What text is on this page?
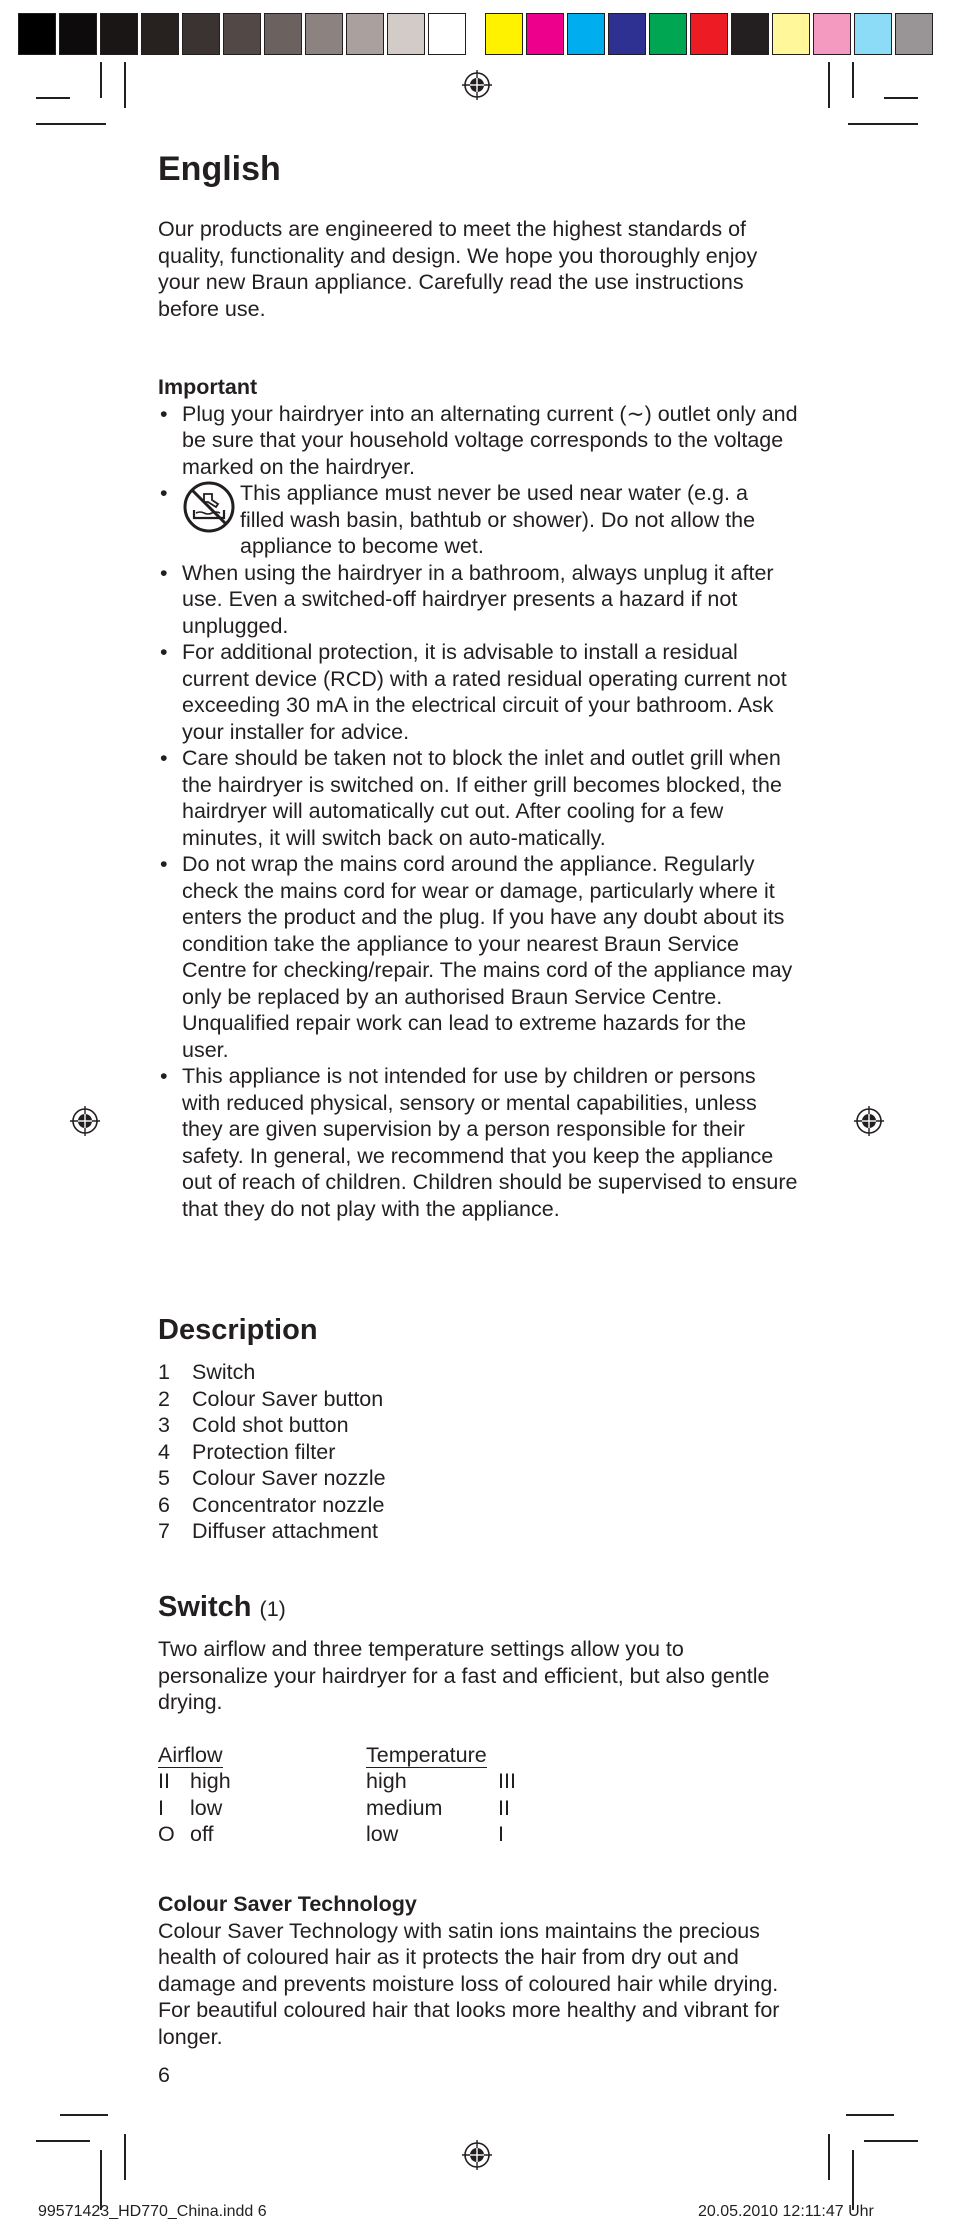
English

Our products are engineered to meet the highest standards of quality, functionality and design. We hope you thoroughly enjoy your new Braun appliance. Carefully read the use instructions before use.

Important

• Plug your hairdryer into an alternating current (∼) outlet only and be sure that your household voltage corresponds to the voltage marked on the hairdryer.
•	This appliance must never be used near water (e.g. a filled wash basin, bathtub or shower). Do not allow the appliance to become wet.
• When using the hairdryer in a bathroom, always unplug it after use. Even a switched-off hairdryer presents a hazard if not unplugged.
• For additional protection, it is advisable to install a residual current device (RCD) with a rated residual operating current not exceeding 30 mA in the electrical circuit of your bathroom. Ask your installer for advice.
• Care should be taken not to block the inlet and outlet grill when the hairdryer is switched on. If either grill becomes blocked, the hairdryer will automatically cut out. After cooling for a few minutes, it will switch back on auto-matically.
• Do not wrap the mains cord around the appliance. Regularly check the mains cord for wear or damage, particularly where it enters the product and the plug. If you have any doubt about its condition take the appliance to your nearest Braun Service Centre for checking/repair. The mains cord of the appliance may only be replaced by an authorised Braun Service Centre. Unqualified repair work can lead to extreme hazards for the user.
• This appliance is not intended for use by children or persons with reduced physical, sensory or mental capabilities, unless they are given supervision by a person responsible for their safety. In general, we recommend that you keep the appliance out of reach of children. Children should be supervised to ensure that they do not play with the appliance.

Description

1	Switch
2	Colour Saver button
3	Cold shot button
4	Protection filter
5	Colour Saver nozzle
6	Concentrator nozzle
7	Diffuser attachment

Switch (1)

Two airflow and three temperature settings allow you to personalize your hairdryer for a fast and efficient, but also gentle drying.

Airflow		Temperature	
II	high	high	III
I	low	medium	II
O	off	low	I

Colour Saver Technology

Colour Saver Technology with satin ions maintains the precious health of coloured hair as it protects the hair from dry out and damage and prevents moisture loss of coloured hair while drying. For beautiful coloured hair that looks more healthy and vibrant for longer.

6

99571423_HD770_China.indd 6	20.05.2010 12:11:47 Uhr
